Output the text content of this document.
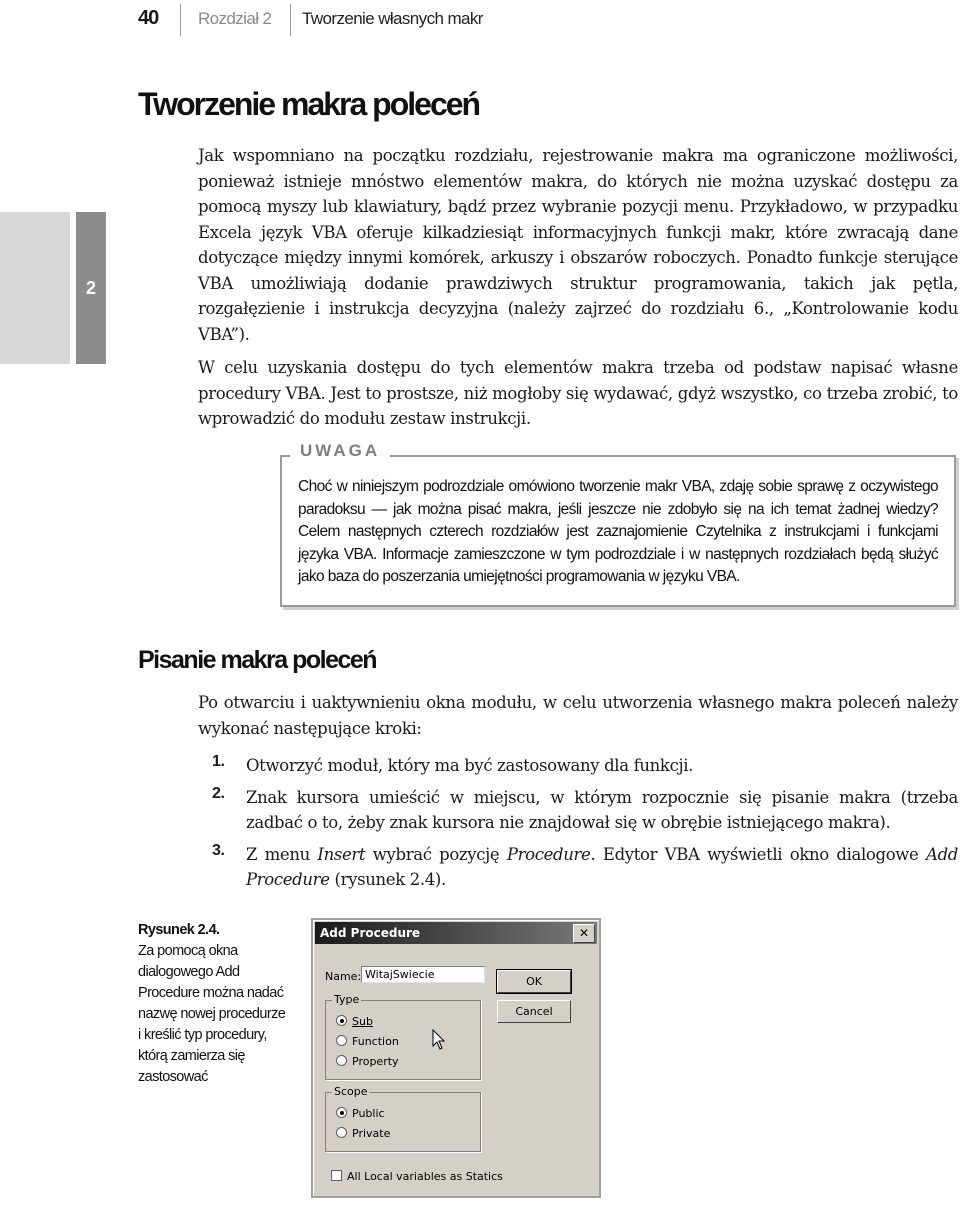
40 Rozdział 2 Tworzenie własnych makr
2
Tworzenie makra poleceń

Jak wspomniano na początku rozdziału, rejestrowanie makra ma ograniczone możliwości, ponieważ istnieje mnóstwo elementów makra, do których nie można uzyskać dostępu za pomocą myszy lub klawiatury, bądź przez wybranie pozycji menu. Przykładowo, w przypadku Excela język VBA oferuje kilkadziesiąt informacyjnych funkcji makr, które zwracają dane dotyczące między innymi komórek, arkuszy i obszarów roboczych. Ponadto funkcje sterujące VBA umożliwiają dodanie prawdziwych struktur programowania, takich jak pętla, rozgałęzienie i instrukcja decyzyjna (należy zajrzeć do rozdziału 6., „Kontrolowanie kodu VBA”).

W celu uzyskania dostępu do tych elementów makra trzeba od podstaw napisać własne procedury VBA. Jest to prostsze, niż mogłoby się wydawać, gdyż wszystko, co trzeba zrobić, to wprowadzić do modułu zestaw instrukcji.

UWAGA
Choć w niniejszym podrozdziale omówiono tworzenie makr VBA, zdaję sobie sprawę z oczywistego paradoksu — jak można pisać makra, jeśli jeszcze nie zdobyło się na ich temat żadnej wiedzy? Celem następnych czterech rozdziałów jest zaznajomienie Czytelnika z instrukcjami i funkcjami języka VBA. Informacje zamieszczone w tym podrozdziale i w następnych rozdziałach będą służyć jako baza do poszerzania umiejętności programowania w języku VBA.
Pisanie makra poleceń

Po otwarciu i uaktywnieniu okna modułu, w celu utworzenia własnego makra poleceń należy wykonać następujące kroki:

1. Otworzyć moduł, który ma być zastosowany dla funkcji.
2. Znak kursora umieścić w miejscu, w którym rozpocznie się pisanie makra (trzeba zadbać o to, żeby znak kursora nie znajdował się w obrębie istniejącego makra).
3. Z menu Insert wybrać pozycję Procedure. Edytor VBA wyświetli okno dialogowe Add Procedure (rysunek 2.4).
Rysunek 2.4.
Za pomocą okna dialogowego Add Procedure można nadać nazwę nowej procedurze i kreślić typ procedury, którą zamierza się zastosować
Add Procedure	✕
Name: WitajSwiecie
OK
Cancel
Type
Sub
Function
Property
Scope
Public
Private
All Local variables as Statics
